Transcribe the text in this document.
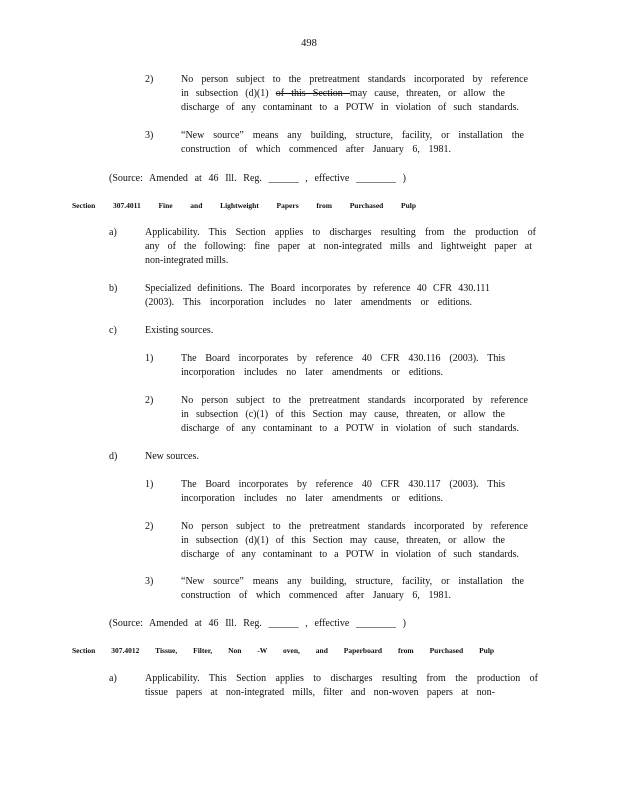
498
2)	No person subject to the pretreatment standards incorporated by reference
in subsection (d)(1) of this Section may cause, threaten, or allow the
discharge of any contaminant to a POTW in violation of such standards.
3)	“New source” means any building, structure, facility, or installation the
construction of which commenced after January 6, 1981.
(Source: Amended at 46 Ill. Reg. ______ , effective ________ )
Section 307.4011 Fine and Lightweight Papers from Purchased Pulp
a)	Applicability. This Section applies to discharges resulting from the production of
any of the following: fine paper at non-integrated mills and lightweight paper at
non-integrated mills.
b)	Specialized definitions. The Board incorporates by reference 40 CFR 430.111
(2003). This incorporation includes no later amendments or editions.
c)	Existing sources.
1)	The Board incorporates by reference 40 CFR 430.116 (2003). This
incorporation includes no later amendments or editions.
2)	No person subject to the pretreatment standards incorporated by reference
in subsection (c)(1) of this Section may cause, threaten, or allow the
discharge of any contaminant to a POTW in violation of such standards.
d)	New sources.
1)	The Board incorporates by reference 40 CFR 430.117 (2003). This
incorporation includes no later amendments or editions.
2)	No person subject to the pretreatment standards incorporated by reference
in subsection (d)(1) of this Section may cause, threaten, or allow the
discharge of any contaminant to a POTW in violation of such standards.
3)	“New source” means any building, structure, facility, or installation the
construction of which commenced after January 6, 1981.
(Source: Amended at 46 Ill. Reg. ______ , effective ________ )
Section 307.4012 Tissue, Filter, Non -W oven, and Paperboard from Purchased Pulp
a)	Applicability. This Section applies to discharges resulting from the production of
tissue papers at non-integrated mills, filter and non-woven papers at non-
